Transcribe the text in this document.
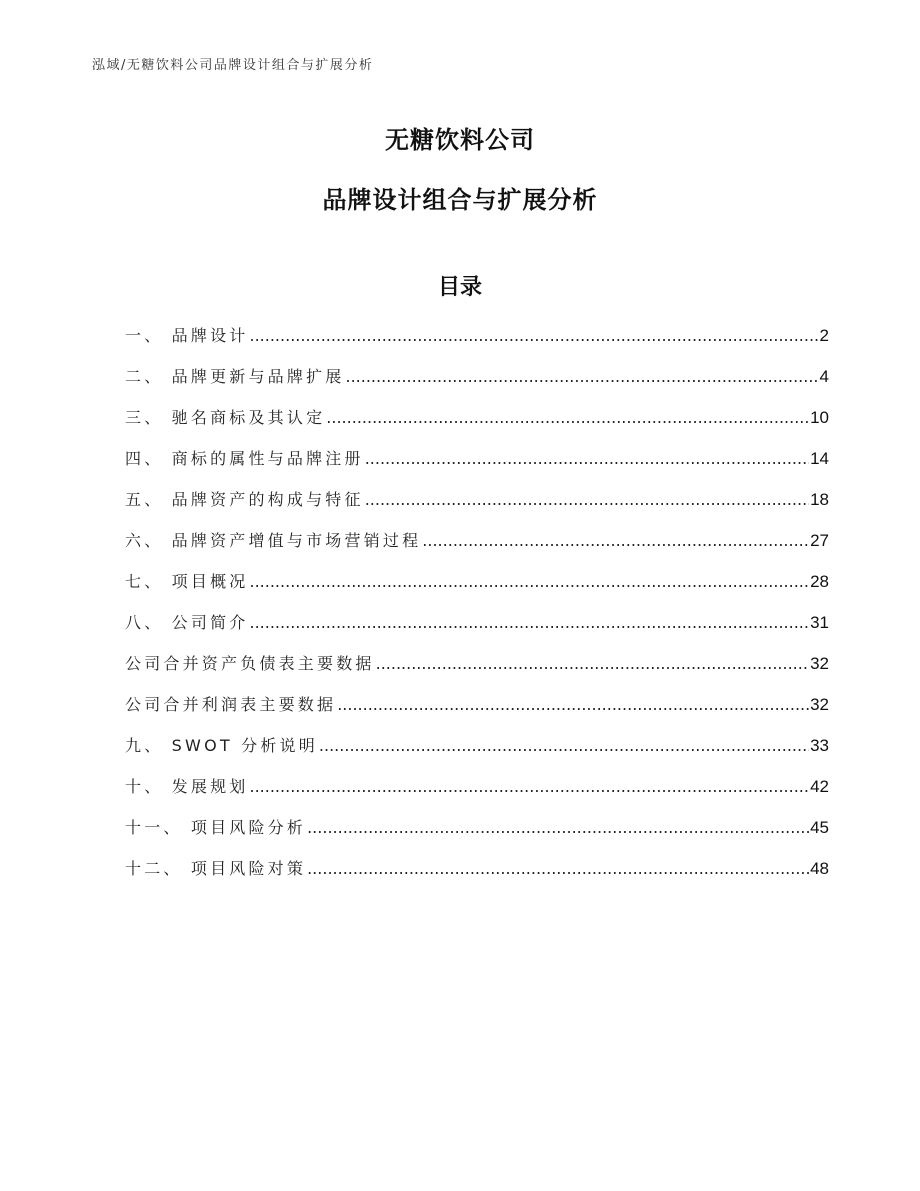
泓域/无糖饮料公司品牌设计组合与扩展分析
无糖饮料公司
品牌设计组合与扩展分析
目录
一、 品牌设计 .....	2
二、 品牌更新与品牌扩展 .....	4
三、 驰名商标及其认定 .....	10
四、 商标的属性与品牌注册 .....	14
五、 品牌资产的构成与特征 .....	18
六、 品牌资产增值与市场营销过程 .....	27
七、 项目概况 .....	28
八、 公司简介 .....	31
公司合并资产负债表主要数据 .....	32
公司合并利润表主要数据 .....	32
九、 SWOT 分析说明 .....	33
十、 发展规划 .....	42
十一、 项目风险分析 .....	45
十二、 项目风险对策 .....	48
